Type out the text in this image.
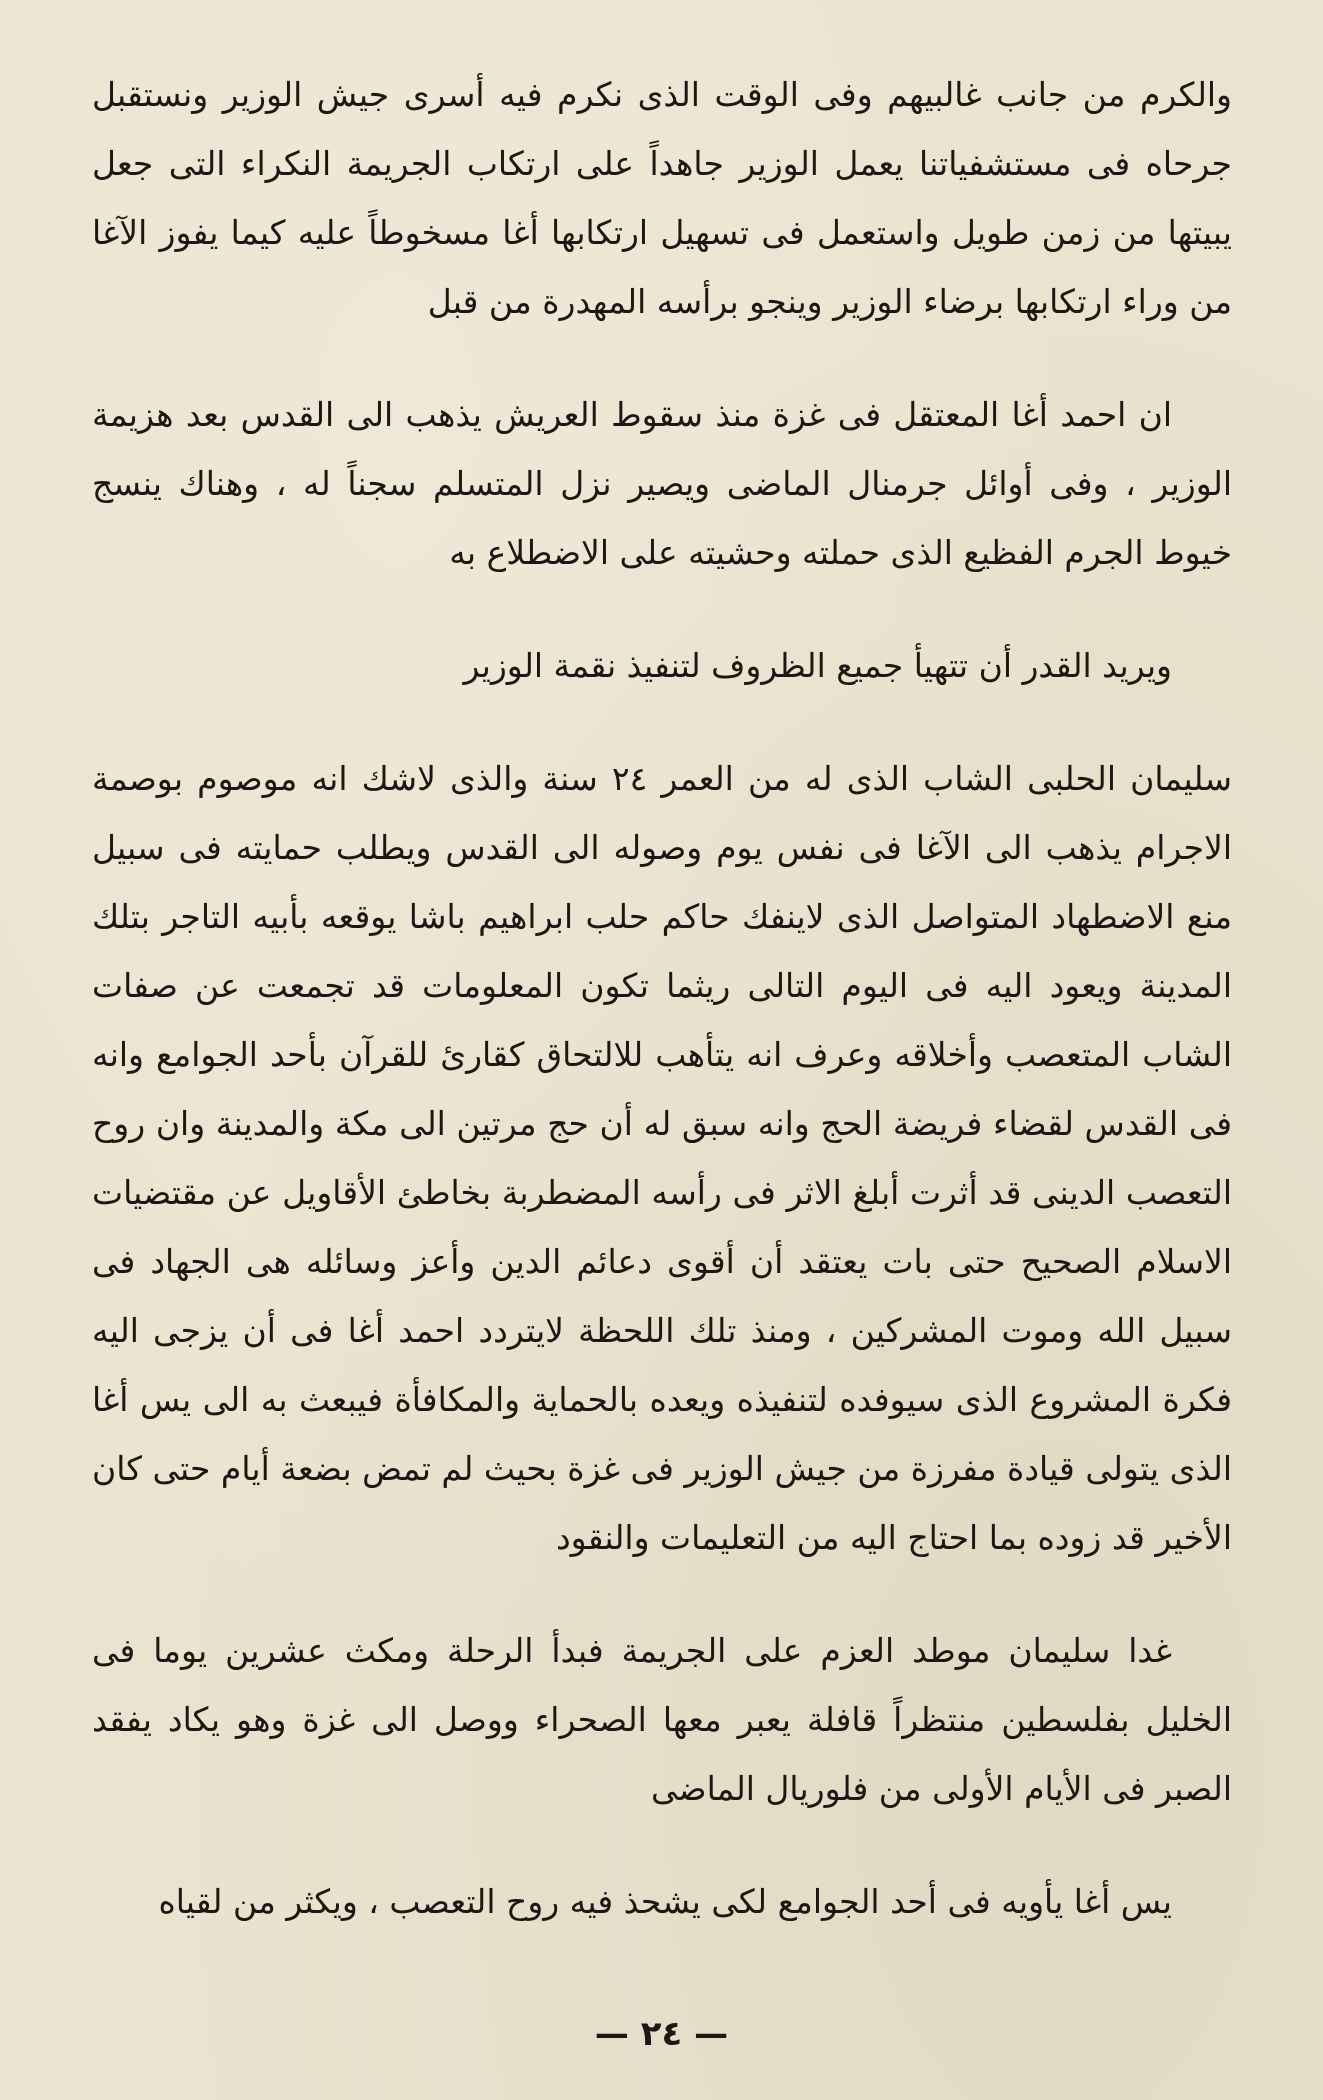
والكرم من جانب غالبيهم وفى الوقت الذى نكرم فيه أسرى جيش الوزير ونستقبل جرحاه فى مستشفياتنا يعمل الوزير جاهداً على ارتكاب الجريمة النكراء التى جعل يبيتها من زمن طويل واستعمل فى تسهيل ارتكابها أغا مسخوطاً عليه كيما يفوز الآغا من وراء ارتكابها برضاء الوزير وينجو برأسه المهدرة من قبل

ان احمد أغا المعتقل فى غزة منذ سقوط العريش يذهب الى القدس بعد هزيمة الوزير ، وفى أوائل جرمنال الماضى ويصير نزل المتسلم سجناً له ، وهناك ينسج خيوط الجرم الفظيع الذى حملته وحشيته على الاضطلاع به

ويريد القدر أن تتهيأ جميع الظروف لتنفيذ نقمة الوزير

سليمان الحلبى الشاب الذى له من العمر ٢٤ سنة والذى لاشك انه موصوم بوصمة الاجرام يذهب الى الآغا فى نفس يوم وصوله الى القدس ويطلب حمايته فى سبيل منع الاضطهاد المتواصل الذى لاينفك حاكم حلب ابراهيم باشا يوقعه بأبيه التاجر بتلك المدينة ويعود اليه فى اليوم التالى ريثما تكون المعلومات قد تجمعت عن صفات الشاب المتعصب وأخلاقه وعرف انه يتأهب للالتحاق كقارئ للقرآن بأحد الجوامع وانه فى القدس لقضاء فريضة الحج وانه سبق له أن حج مرتين الى مكة والمدينة وان روح التعصب الدينى قد أثرت أبلغ الاثر فى رأسه المضطربة بخاطئ الأقاويل عن مقتضيات الاسلام الصحيح حتى بات يعتقد أن أقوى دعائم الدين وأعز وسائله هى الجهاد فى سبيل الله وموت المشركين ، ومنذ تلك اللحظة لايتردد احمد أغا فى أن يزجى اليه فكرة المشروع الذى سيوفده لتنفيذه ويعده بالحماية والمكافأة فيبعث به الى يس أغا الذى يتولى قيادة مفرزة من جيش الوزير فى غزة بحيث لم تمض بضعة أيام حتى كان الأخير قد زوده بما احتاج اليه من التعليمات والنقود

غدا سليمان موطد العزم على الجريمة فبدأ الرحلة ومكث عشرين يوما فى الخليل بفلسطين منتظراً قافلة يعبر معها الصحراء ووصل الى غزة وهو يكاد يفقد الصبر فى الأيام الأولى من فلوريال الماضى

يس أغا يأويه فى أحد الجوامع لكى يشحذ فيه روح التعصب ، ويكثر من لقياه

— ٢٤ —
